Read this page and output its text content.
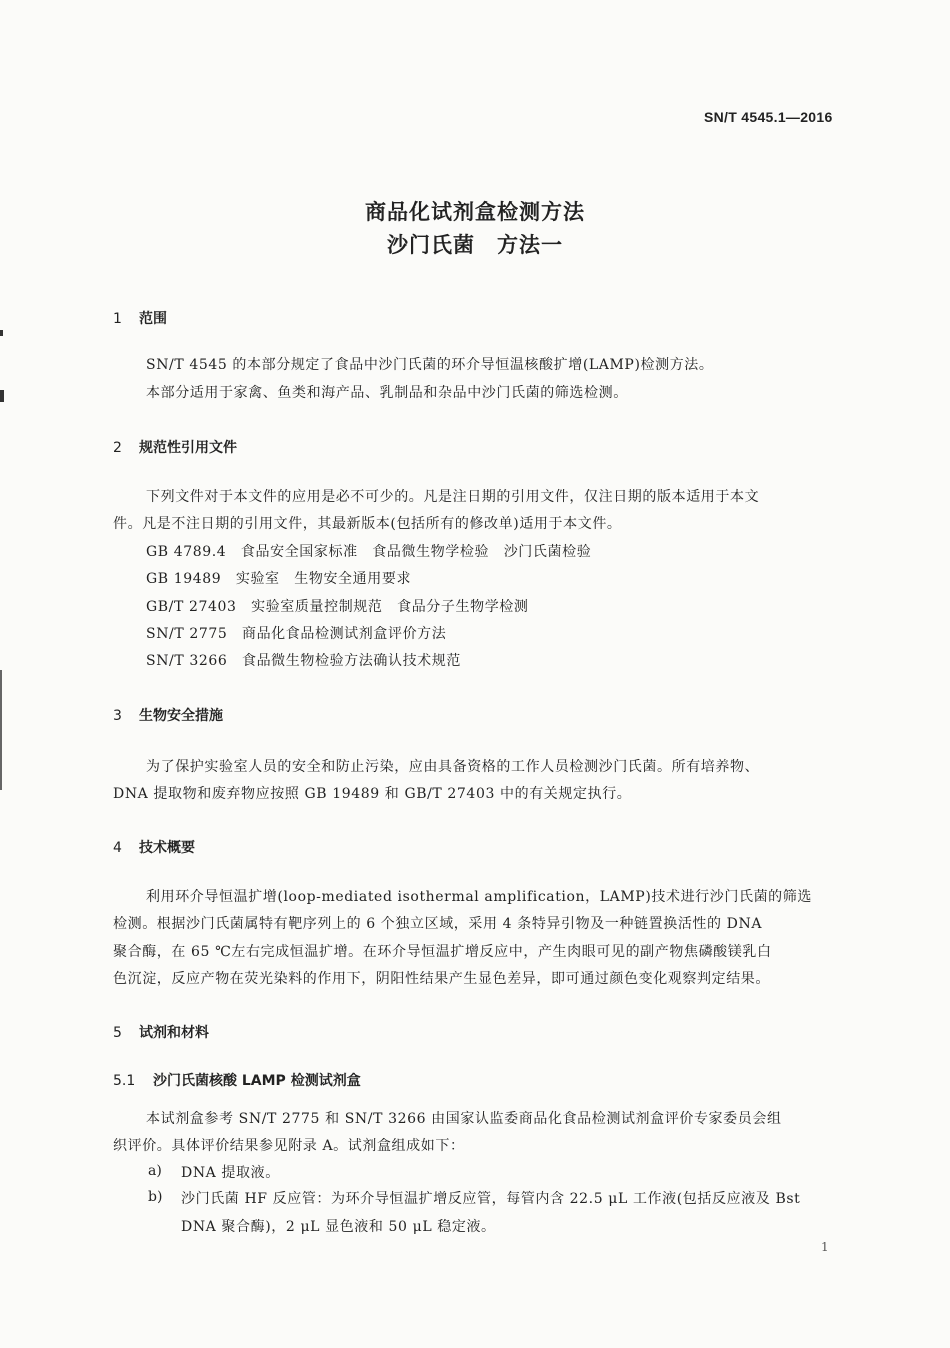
SN/T 4545.1—2016
商品化试剂盒检测方法
沙门氏菌　方法一
1 范围

SN/T 4545 的本部分规定了食品中沙门氏菌的环介导恒温核酸扩增(LAMP)检测方法。

本部分适用于家禽、鱼类和海产品、乳制品和杂品中沙门氏菌的筛选检测。

2 规范性引用文件

下列文件对于本文件的应用是必不可少的。凡是注日期的引用文件，仅注日期的版本适用于本文

件。凡是不注日期的引用文件，其最新版本(包括所有的修改单)适用于本文件。

GB 4789.4　食品安全国家标准　食品微生物学检验　沙门氏菌检验

GB 19489　实验室　生物安全通用要求

GB/T 27403　实验室质量控制规范　食品分子生物学检测

SN/T 2775　商品化食品检测试剂盒评价方法

SN/T 3266　食品微生物检验方法确认技术规范

3 生物安全措施

为了保护实验室人员的安全和防止污染，应由具备资格的工作人员检测沙门氏菌。所有培养物、

DNA 提取物和废弃物应按照 GB 19489 和 GB/T 27403 中的有关规定执行。

4 技术概要

利用环介导恒温扩增(loop-mediated isothermal amplification，LAMP)技术进行沙门氏菌的筛选

检测。根据沙门氏菌属特有靶序列上的 6 个独立区域，采用 4 条特异引物及一种链置换活性的 DNA

聚合酶，在 65 ℃左右完成恒温扩增。在环介导恒温扩增反应中，产生肉眼可见的副产物焦磷酸镁乳白

色沉淀，反应产物在荧光染料的作用下，阴阳性结果产生显色差异，即可通过颜色变化观察判定结果。

5 试剂和材料
5.1 沙门氏菌核酸 LAMP 检测试剂盒

本试剂盒参考 SN/T 2775 和 SN/T 3266 由国家认监委商品化食品检测试剂盒评价专家委员会组

织评价。具体评价结果参见附录 A。试剂盒组成如下：

a) DNA 提取液。

b) 沙门氏菌 HF 反应管：为环介导恒温扩增反应管，每管内含 22.5 μL 工作液(包括反应液及 Bst

DNA 聚合酶)，2 μL 显色液和 50 μL 稳定液。

1
